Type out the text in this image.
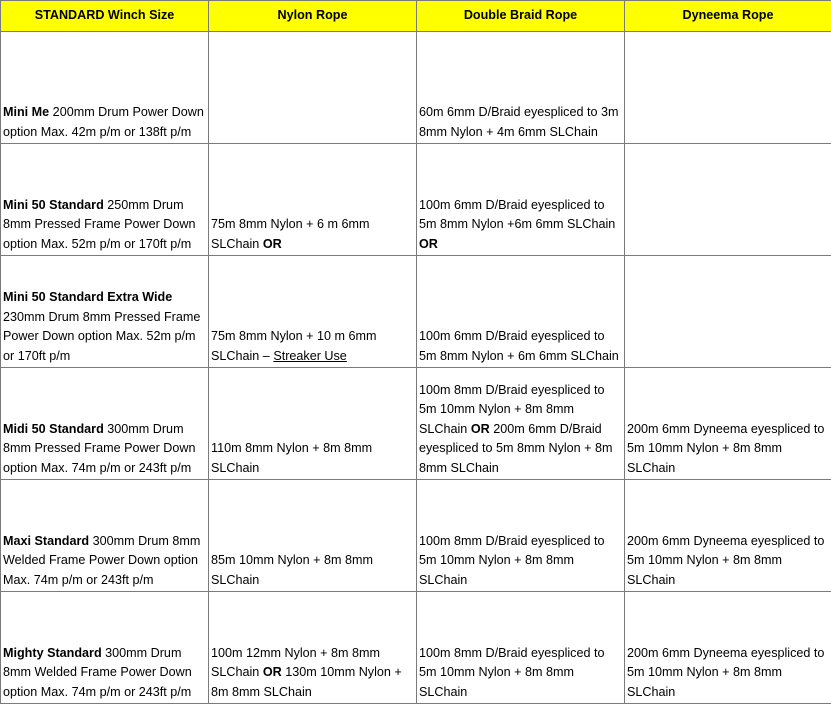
STANDARD Winch Size	Nylon Rope	Double Braid Rope	Dyneema Rope
Mini Me 200mm Drum Power Down option Max. 42m p/m or 138ft p/m		60m 6mm D/Braid eyespliced to 3m 8mm Nylon + 4m 6mm SLChain	
Mini 50 Standard 250mm Drum 8mm Pressed Frame Power Down option Max. 52m p/m or 170ft p/m	75m 8mm Nylon + 6 m 6mm SLChain OR	100m 6mm D/Braid eyespliced to 5m 8mm Nylon +6m 6mm SLChain OR	
Mini 50 Standard Extra Wide 230mm Drum 8mm Pressed Frame Power Down option Max. 52m p/m or 170ft p/m	75m 8mm Nylon + 10 m 6mm SLChain – Streaker Use	100m 6mm D/Braid eyespliced to 5m 8mm Nylon + 6m 6mm SLChain	
Midi 50 Standard 300mm Drum 8mm Pressed Frame Power Down option Max. 74m p/m or 243ft p/m	110m 8mm Nylon + 8m 8mm SLChain	100m 8mm D/Braid eyespliced to 5m 10mm Nylon + 8m 8mm SLChain OR 200m 6mm D/Braid eyespliced to 5m 8mm Nylon + 8m 8mm SLChain	200m 6mm Dyneema eyespliced to 5m 10mm Nylon + 8m 8mm SLChain
Maxi Standard 300mm Drum 8mm Welded Frame Power Down option Max. 74m p/m or 243ft p/m	85m 10mm Nylon + 8m 8mm SLChain	100m 8mm D/Braid eyespliced to 5m 10mm Nylon + 8m 8mm SLChain	200m 6mm Dyneema eyespliced to 5m 10mm Nylon + 8m 8mm SLChain
Mighty Standard 300mm Drum 8mm Welded Frame Power Down option Max. 74m p/m or 243ft p/m	100m 12mm Nylon + 8m 8mm SLChain OR 130m 10mm Nylon + 8m 8mm SLChain	100m 8mm D/Braid eyespliced to 5m 10mm Nylon + 8m 8mm SLChain	200m 6mm Dyneema eyespliced to 5m 10mm Nylon + 8m 8mm SLChain
